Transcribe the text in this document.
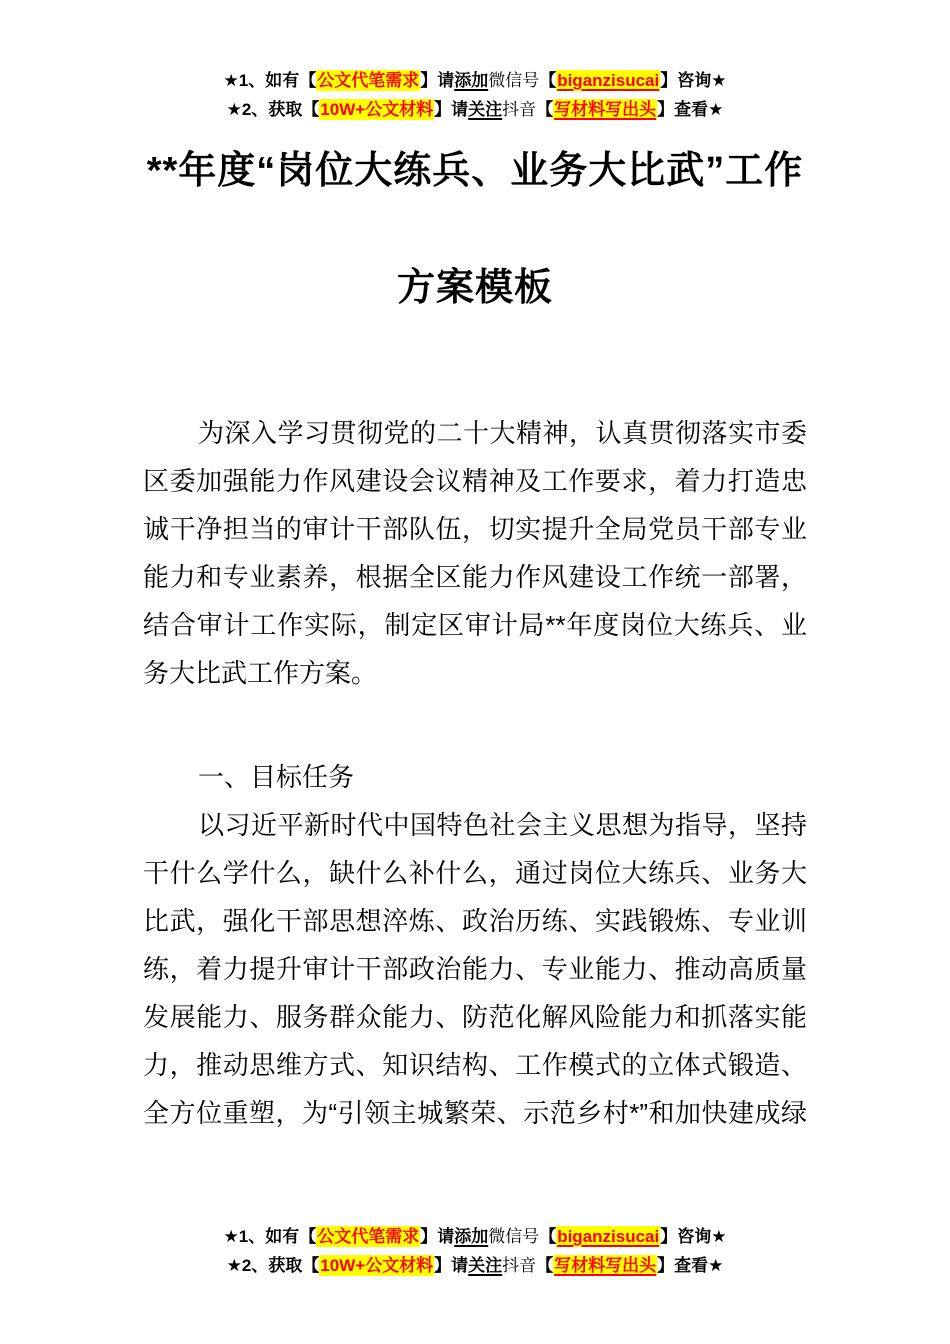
★1、如有【公文代笔需求】请添加微信号【biganzisucai】咨询★
★2、获取【10W+公文材料】请关注抖音【写材料写出头】查看★
**年度“岗位大练兵、业务大比武”工作
方案模板

为深入学习贯彻党的二十大精神，认真贯彻落实市委
区委加强能力作风建设会议精神及工作要求，着力打造忠
诚干净担当的审计干部队伍，切实提升全局党员干部专业
能力和专业素养，根据全区能力作风建设工作统一部署，
结合审计工作实际，制定区审计局**年度岗位大练兵、业
务大比武工作方案。

一、目标任务

以习近平新时代中国特色社会主义思想为指导，坚持
干什么学什么，缺什么补什么，通过岗位大练兵、业务大
比武，强化干部思想淬炼、政治历练、实践锻炼、专业训
练，着力提升审计干部政治能力、专业能力、推动高质量
发展能力、服务群众能力、防范化解风险能力和抓落实能
力，推动思维方式、知识结构、工作模式的立体式锻造、
全方位重塑，为“引领主城繁荣、示范乡村*”和加快建成绿

★1、如有【公文代笔需求】请添加微信号【biganzisucai】咨询★
★2、获取【10W+公文材料】请关注抖音【写材料写出头】查看★
